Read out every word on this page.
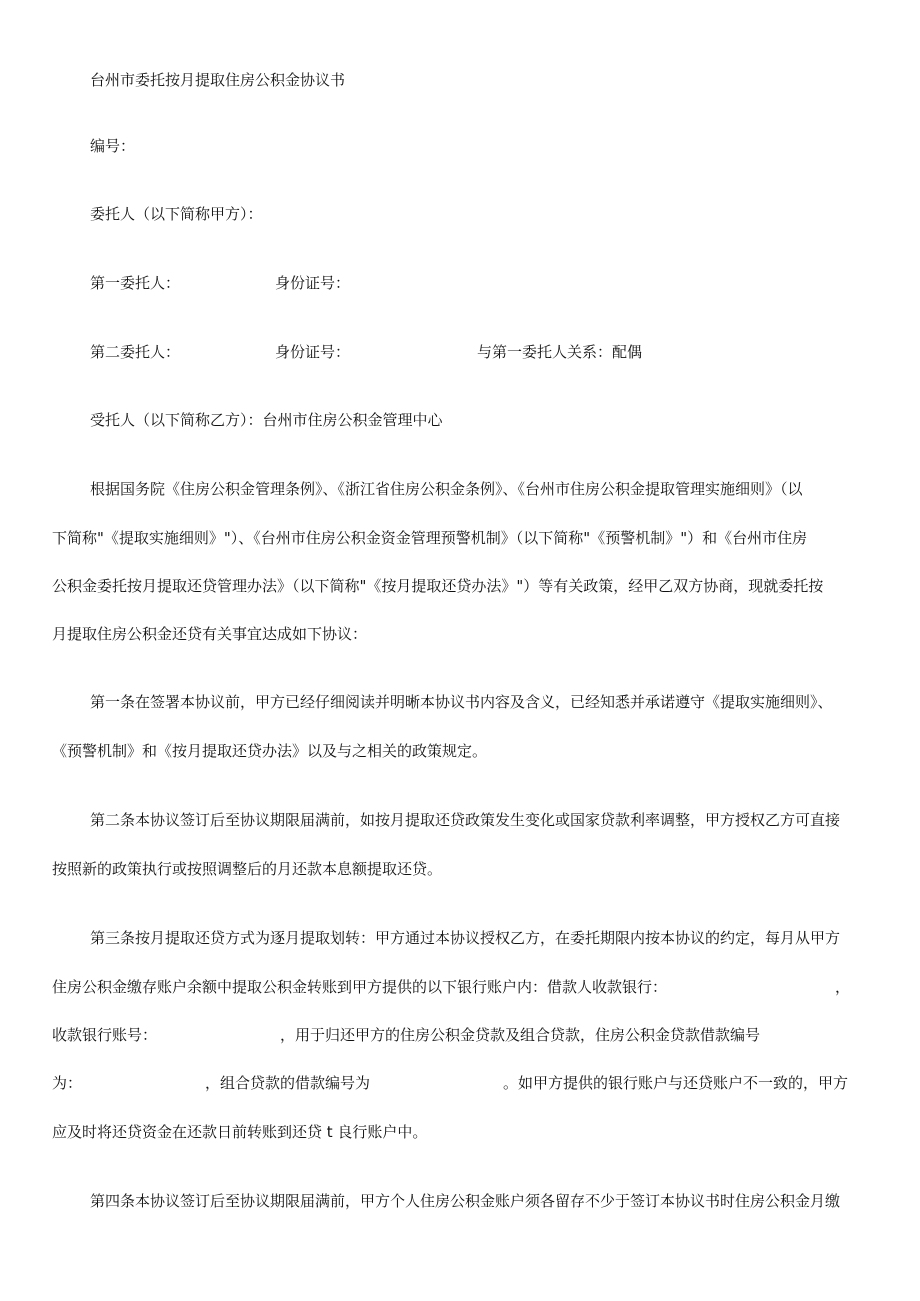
台州市委托按月提取住房公积金协议书
编号：
委托人（以下简称甲方）：
第一委托人：	身份证号：
第二委托人：	身份证号：	与第一委托人关系：配偶
受托人（以下简称乙方）：台州市住房公积金管理中心
根据国务院《住房公积金管理条例》、《浙江省住房公积金条例》、《台州市住房公积金提取管理实施细则》（以
下简称"《提取实施细则》"）、《台州市住房公积金资金管理预警机制》（以下简称"《预警机制》"）和《台州市住房
公积金委托按月提取还贷管理办法》（以下简称"《按月提取还贷办法》"）等有关政策，经甲乙双方协商，现就委托按
月提取住房公积金还贷有关事宜达成如下协议：
第一条在签署本协议前，甲方已经仔细阅读并明晰本协议书内容及含义，已经知悉并承诺遵守《提取实施细则》、
《预警机制》和《按月提取还贷办法》以及与之相关的政策规定。
第二条本协议签订后至协议期限届满前，如按月提取还贷政策发生变化或国家贷款利率调整，甲方授权乙方可直接
按照新的政策执行或按照调整后的月还款本息额提取还贷。
第三条按月提取还贷方式为逐月提取划转：甲方通过本协议授权乙方，在委托期限内按本协议的约定，每月从甲方
住房公积金缴存账户余额中提取公积金转账到甲方提供的以下银行账户内：借款人收款银行：	，
收款银行账号：	，用于归还甲方的住房公积金贷款及组合贷款，住房公积金贷款借款编号
为：	，组合贷款的借款编号为	。如甲方提供的银行账户与还贷账户不一致的，甲方
应及时将还贷资金在还款日前转账到还贷 t 良行账户中。
第四条本协议签订后至协议期限届满前，甲方个人住房公积金账户须各留存不少于签订本协议书时住房公积金月缴
